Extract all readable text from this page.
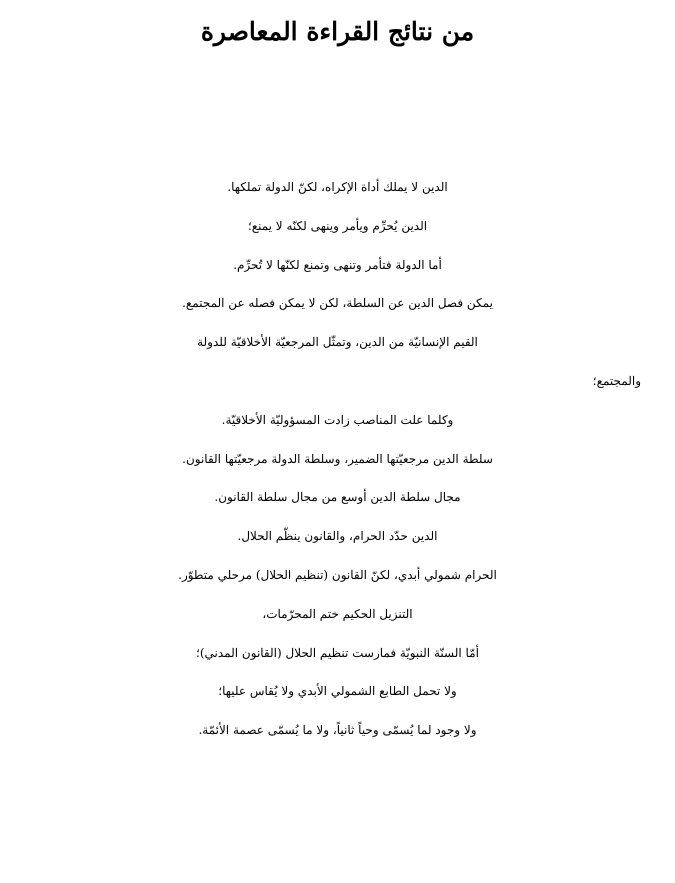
من نتائج القراءة المعاصرة
الدين لا يملك أداة الإكراه، لكنّ الدولة تملكها.
الدين يُحرِّم ويأمر وينهى لكنّه لا يمنع؛
أما الدولة فتأمر وتنهى وتمنع لكنّها لا تُحرِّم.
يمكن فصل الدين عن السلطة، لكن لا يمكن فصله عن المجتمع.
القيم الإنسانيّة من الدين، وتمثّل المرجعيّة الأخلاقيّة للدولة
والمجتمع؛
وكلما علت المناصب زادت المسؤوليّة الأخلاقيّة.
سلطة الدين مرجعيّتها الضمير، وسلطة الدولة مرجعيّتها القانون.
مجال سلطة الدين أوسع من مجال سلطة القانون.
الدين حدّد الحرام، والقانون ينظّم الحلال.
الحرام شمولي أبدي، لكنّ القانون (تنظيم الحلال) مرحلي متطوّر.
التنزيل الحكيم ختم المحرّمات،
أمّا السنّة النبويّة فمارست تنظيم الحلال (القانون المدني)؛
ولا تحمل الطابع الشمولي الأبدي ولا يُقاس عليها؛
ولا وجود لما يُسمّى وحياً ثانياً، ولا ما يُسمّى عصمة الأئمّة.
